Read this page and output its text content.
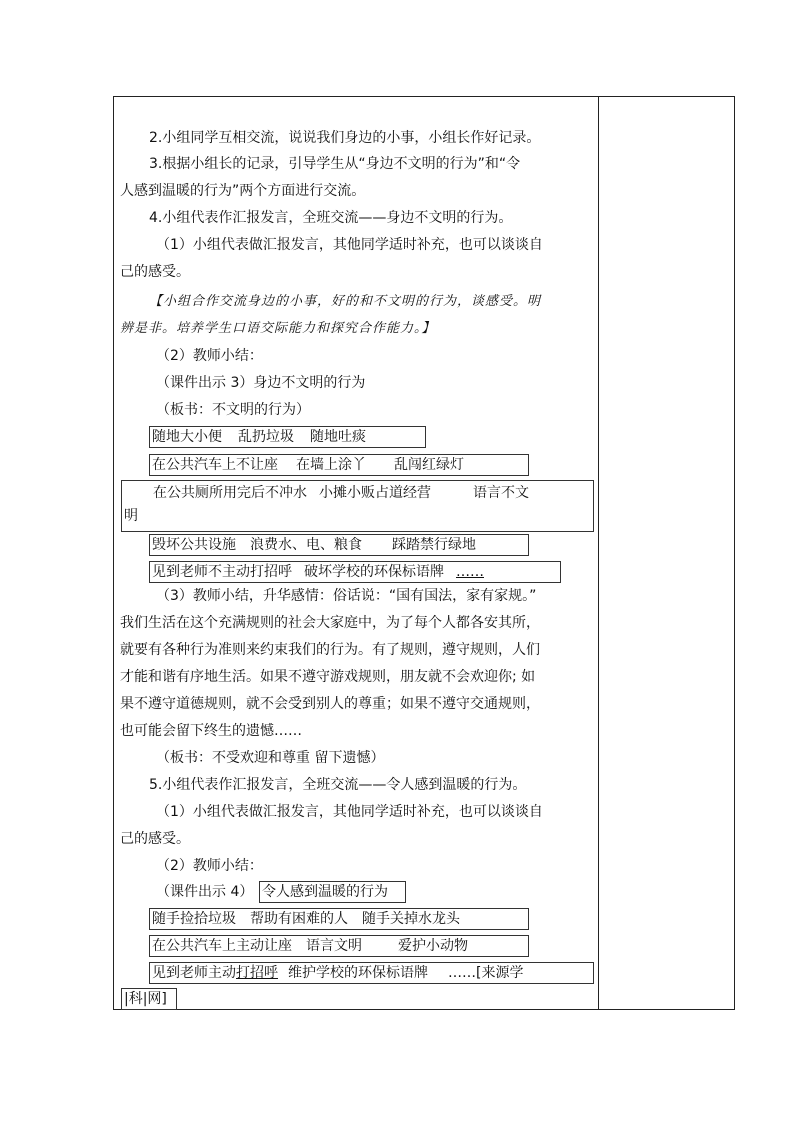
2.小组同学互相交流，说说我们身边的小事，小组长作好记录。
3.根据小组长的记录，引导学生从“身边不文明的行为”和“令
人感到温暖的行为”两个方面进行交流。
4.小组代表作汇报发言，全班交流——身边不文明的行为。
（1）小组代表做汇报发言，其他同学适时补充，也可以谈谈自
己的感受。
【小组合作交流身边的小事，好的和不文明的行为，谈感受。明
辨是非。培养学生口语交际能力和探究合作能力。】
（2）教师小结：
（课件出示 3）身边不文明的行为
（板书：不文明的行为）
随地大小便 乱扔垃圾 随地吐痰
在公共汽车上不让座 在墙上涂丫 乱闯红绿灯
在公共厕所用完后不冲水 小摊小贩占道经营	语言不文
明
毁坏公共设施 浪费水、电、粮食 踩踏禁行绿地
见到老师不主动打招呼 破坏学校的环保标语牌 ……
（3）教师小结，升华感情：俗话说：“国有国法，家有家规。”
我们生活在这个充满规则的社会大家庭中，为了每个人都各安其所，
就要有各种行为准则来约束我们的行为。有了规则，遵守规则，人们
才能和谐有序地生活。如果不遵守游戏规则，朋友就不会欢迎你; 如
果不遵守道德规则，就不会受到别人的尊重；如果不遵守交通规则，
也可能会留下终生的遗憾……
（板书：不受欢迎和尊重 留下遗憾）
5.小组代表作汇报发言，全班交流——令人感到温暖的行为。
（1）小组代表做汇报发言，其他同学适时补充，也可以谈谈自
己的感受。
（2）教师小结：
（课件出示 4） 令人感到温暖的行为
随手捡拾垃圾 帮助有困难的人 随手关掉水龙头
在公共汽车上主动让座 语言文明	爱护小动物
见到老师主动打招呼 维护学校的环保标语牌 ……[来源学
|科|网]
